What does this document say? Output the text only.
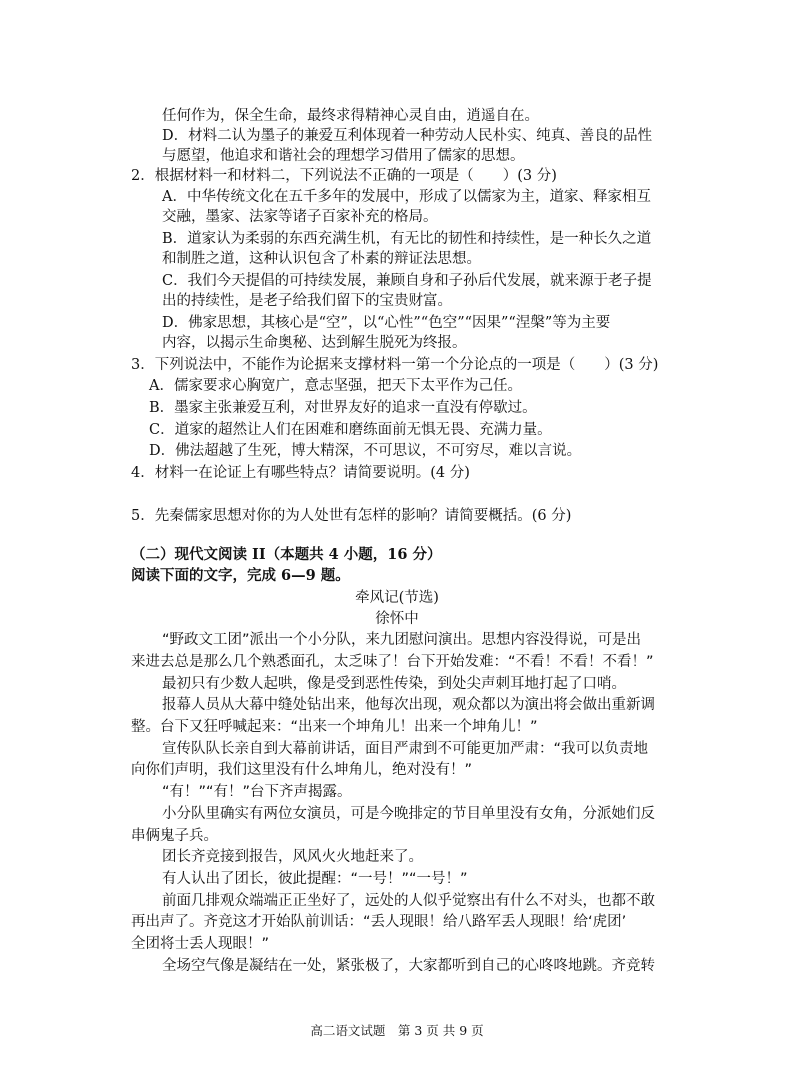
任何作为，保全生命，最终求得精神心灵自由，逍遥自在。
D．材料二认为墨子的兼爱互利体现着一种劳动人民朴实、纯真、善良的品性
与愿望，他追求和谐社会的理想学习借用了儒家的思想。
2．根据材料一和材料二，下列说法不正确的一项是（　　）(3 分)
A．中华传统文化在五千多年的发展中，形成了以儒家为主，道家、释家相互
交融，墨家、法家等诸子百家补充的格局。
B．道家认为柔弱的东西充满生机，有无比的韧性和持续性，是一种长久之道
和制胜之道，这种认识包含了朴素的辩证法思想。
C．我们今天提倡的可持续发展，兼顾自身和子孙后代发展，就来源于老子提
出的持续性，是老子给我们留下的宝贵财富。
D．佛家思想，其核心是“空”，以“心性”“色空”“因果”“涅槃”等为主要
内容，以揭示生命奥秘、达到解生脱死为终报。
3．下列说法中，不能作为论据来支撑材料一第一个分论点的一项是（　　）(3 分)
A．儒家要求心胸宽广，意志坚强，把天下太平作为己任。
B．墨家主张兼爱互利，对世界友好的追求一直没有停歇过。
C．道家的超然让人们在困难和磨练面前无惧无畏、充满力量。
D．佛法超越了生死，博大精深，不可思议，不可穷尽，难以言说。
4．材料一在论证上有哪些特点？请简要说明。(4 分)
5．先秦儒家思想对你的为人处世有怎样的影响？请简要概括。(6 分)
（二）现代文阅读 II（本题共 4 小题，16 分）
阅读下面的文字，完成 6—9 题。
牵风记(节选)
徐怀中
“野政文工团”派出一个小分队，来九团慰问演出。思想内容没得说，可是出
来进去总是那么几个熟悉面孔，太乏味了！台下开始发难：“不看！不看！不看！”
最初只有少数人起哄，像是受到恶性传染，到处尖声刺耳地打起了口哨。
报幕人员从大幕中缝处钻出来，他每次出现，观众都以为演出将会做出重新调
整。台下又狂呼喊起来：“出来一个坤角儿！出来一个坤角儿！”
宣传队队长亲自到大幕前讲话，面目严肃到不可能更加严肃：“我可以负责地
向你们声明，我们这里没有什么坤角儿，绝对没有！”
“有！”“有！”台下齐声揭露。
小分队里确实有两位女演员，可是今晚排定的节目单里没有女角，分派她们反
串俩鬼子兵。
团长齐竞接到报告，风风火火地赶来了。
有人认出了团长，彼此提醒：“一号！”“一号！”
前面几排观众端端正正坐好了，远处的人似乎觉察出有什么不对头，也都不敢
再出声了。齐竞这才开始队前训话：“丢人现眼！给八路军丢人现眼！给‘虎团’
全团将士丢人现眼！”
全场空气像是凝结在一处，紧张极了，大家都听到自己的心咚咚地跳。齐竞转
高二语文试题　第 3 页 共 9 页
